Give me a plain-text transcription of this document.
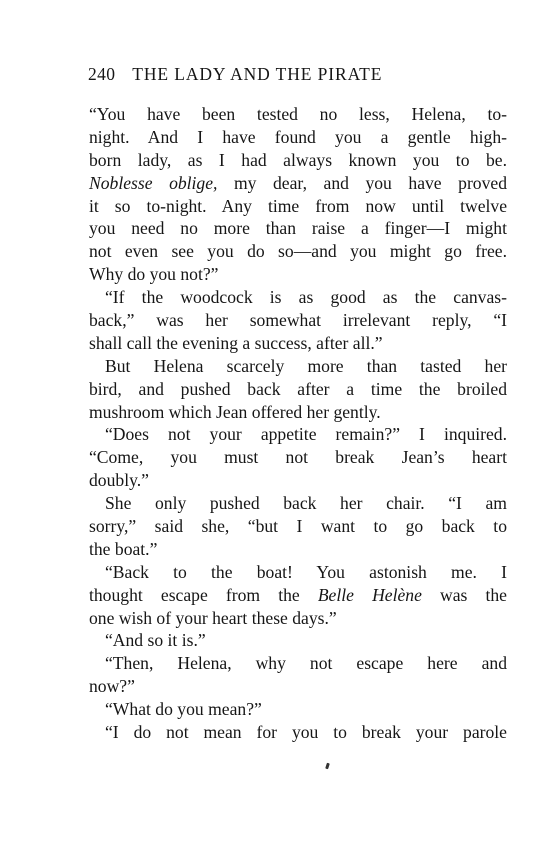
240 THE LADY AND THE PIRATE
“You have been tested no less, Helena, to-
night. And I have found you a gentle high-
born lady, as I had always known you to be.
Noblesse oblige, my dear, and you have proved
it so to-night. Any time from now until twelve
you need no more than raise a finger—I might
not even see you do so—and you might go free.
Why do you not?”
“If the woodcock is as good as the canvas-
back,” was her somewhat irrelevant reply, “I
shall call the evening a success, after all.”
But Helena scarcely more than tasted her
bird, and pushed back after a time the broiled
mushroom which Jean offered her gently.
“Does not your appetite remain?” I inquired.
“Come, you must not break Jean’s heart
doubly.”
She only pushed back her chair. “I am
sorry,” said she, “but I want to go back to
the boat.”
“Back to the boat! You astonish me. I
thought escape from the Belle Helène was the
one wish of your heart these days.”
“And so it is.”
“Then, Helena, why not escape here and
now?”
“What do you mean?”
“I do not mean for you to break your parole
